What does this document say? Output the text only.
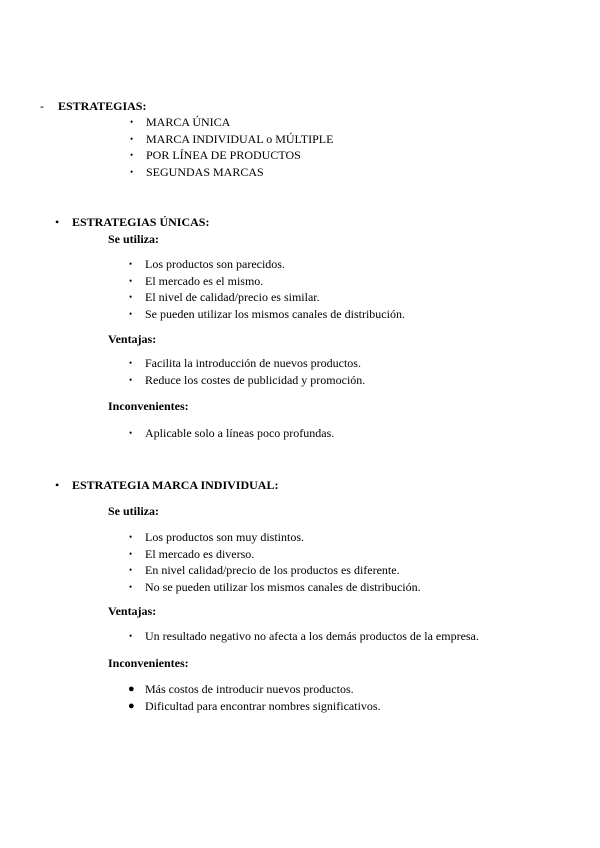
- ESTRATEGIAS:
• MARCA ÚNICA
• MARCA INDIVIDUAL o MÚLTIPLE
• POR LÍNEA DE PRODUCTOS
• SEGUNDAS MARCAS
• ESTRATEGIAS ÚNICAS:
Se utiliza:
• Los productos son parecidos.
• El mercado es el mismo.
• El nivel de calidad/precio es similar.
• Se pueden utilizar los mismos canales de distribución.
Ventajas:
• Facilita la introducción de nuevos productos.
• Reduce los costes de publicidad y promoción.
Inconvenientes:
• Aplicable solo a líneas poco profundas.
• ESTRATEGIA MARCA INDIVIDUAL:
Se utiliza:
• Los productos son muy distintos.
• El mercado es diverso.
• En nivel calidad/precio de los productos es diferente.
• No se pueden utilizar los mismos canales de distribución.
Ventajas:
• Un resultado negativo no afecta a los demás productos de la empresa.
Inconvenientes:
● Más costos de introducir nuevos productos.
● Dificultad para encontrar nombres significativos.
